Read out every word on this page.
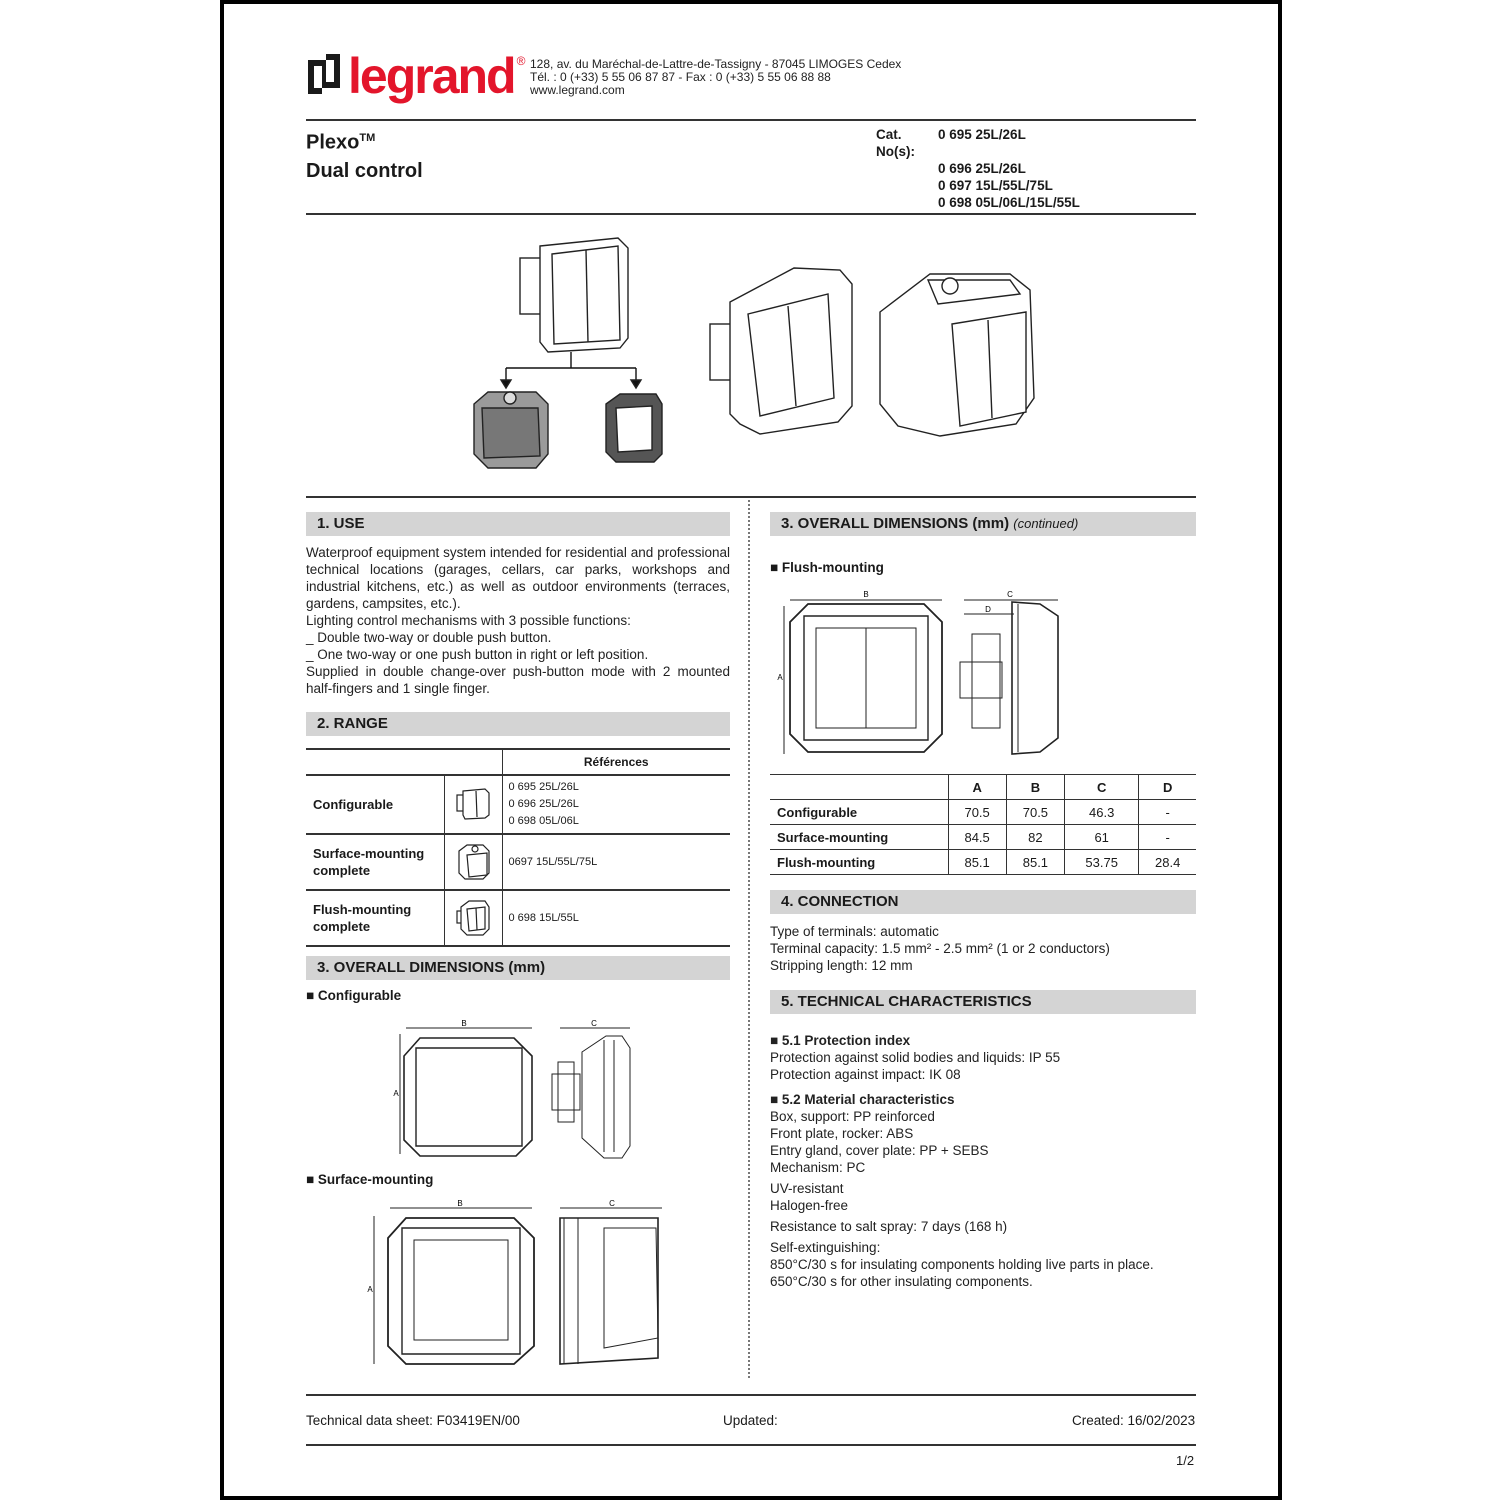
legrand ® 128, av. du Maréchal-de-Lattre-de-Tassigny - 87045 LIMOGES Cedex
Tél. : 0 (+33) 5 55 06 87 87 - Fax : 0 (+33) 5 55 06 88 88
www.legrand.com
Plexo™
Dual control
Cat. No(s):
0 695 25L/26L
0 696 25L/26L
0 697 15L/55L/75L
0 698 05L/06L/15L/55L
1. USE
Waterproof equipment system intended for residential and professional technical locations (garages, cellars, car parks, workshops and industrial kitchens, etc.) as well as outdoor environments (terraces, gardens, campsites, etc.).
Lighting control mechanisms with 3 possible functions:
_ Double two-way or double push button.
_ One two-way or one push button in right or left position.
Supplied in double change-over push-button mode with 2 mounted half-fingers and 1 single finger.
2. RANGE
		Références
Configurable		0 695 25L/26L
0 696 25L/26L
0 698 05L/06L

Surface-mounting complete		0697 15L/55L/75L
Flush-mounting complete		0 698 15L/55L
3. OVERALL DIMENSIONS (mm)
■ Configurable
B
A
C
■ Surface-mounting
B
A
C
3. OVERALL DIMENSIONS (mm) (continued)
■ Flush-mounting
B
A
C
D
	A	B	C	D
Configurable	70.5	70.5	46.3	-
Surface-mounting	84.5	82	61	-
Flush-mounting	85.1	85.1	53.75	28.4
4. CONNECTION
Type of terminals: automatic
Terminal capacity: 1.5 mm² - 2.5 mm² (1 or 2 conductors)
Stripping length: 12 mm
5. TECHNICAL CHARACTERISTICS
■ 5.1 Protection index
Protection against solid bodies and liquids: IP 55
Protection against impact: IK 08
■ 5.2 Material characteristics
Box, support: PP reinforced
Front plate, rocker: ABS
Entry gland, cover plate: PP + SEBS
Mechanism: PC
UV-resistant
Halogen-free
Resistance to salt spray: 7 days (168 h)
Self-extinguishing:
850°C/30 s for insulating components holding live parts in place.
650°C/30 s for other insulating components.
Technical data sheet: F03419EN/00	Updated:	Created: 16/02/2023
1/2
